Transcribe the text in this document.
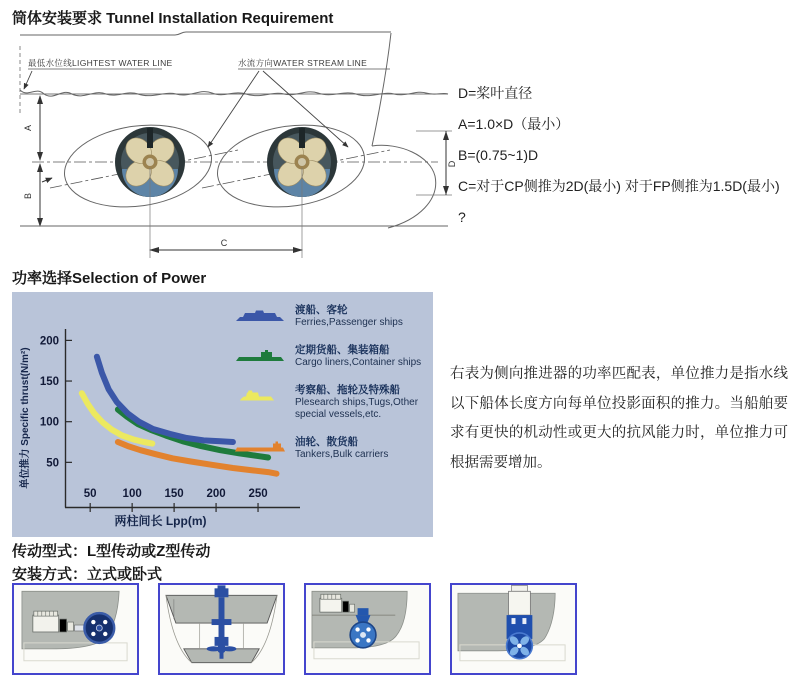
筒体安装要求 Tunnel Installation Requirement
最低水位线LIGHTEST WATER LINE	水流方向WATER STREAM LINE
A
B
C
D
D=桨叶直径
A=1.0×D（最小）
B=(0.75~1)D
C=对于CP侧推为2D(最小) 对于FP侧推为1.5D(最小)
?
功率选择Selection of Power
50 100 150 200 250
50
100
150
200
两柱间长 Lpp(m)
单位推力 Specific thrust(N/m²)
渡船、客轮
Ferries,Passenger ships
定期货船、集装箱船
Cargo liners,Container ships
考察船、拖轮及特殊船
Plesearch ships,Tugs,Other special vessels,etc.
油轮、散货船
Tankers,Bulk carriers
右表为侧向推进器的功率匹配表，单位推力是指水线以下船体长度方向每单位投影面积的推力。当船舶要求有更快的机动性或更大的抗风能力时，单位推力可根据需要增加。
传动型式：L型传动或Z型传动
安装方式：立式或卧式
